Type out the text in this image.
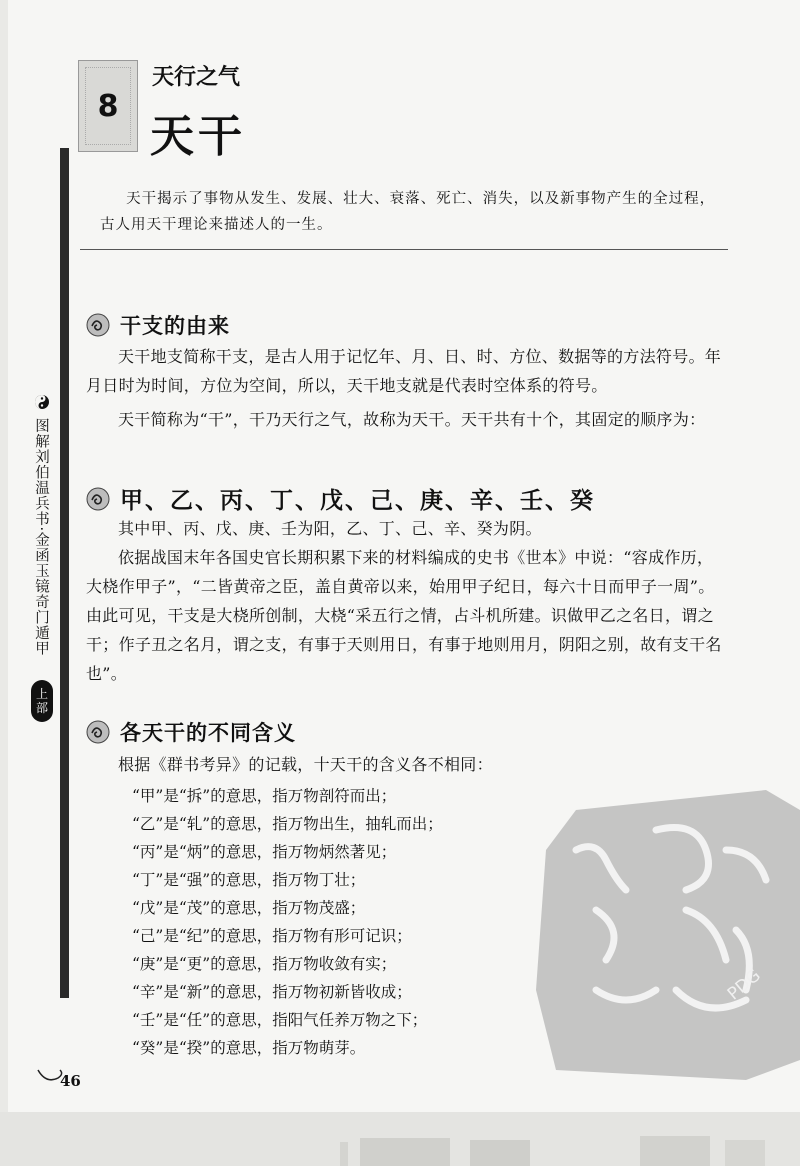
8
天行之气
天干
天干揭示了事物从发生、发展、壮大、衰落、死亡、消失，以及新事物产生的全过程，古人用天干理论来描述人的一生。
图解刘伯温兵书·金函玉镜奇门遁甲
上
部
干支的由来
天干地支简称干支，是古人用于记忆年、月、日、时、方位、数据等的方法符号。年月日时为时间，方位为空间，所以，天干地支就是代表时空体系的符号。
天干简称为“干”，干乃天行之气，故称为天干。天干共有十个，其固定的顺序为：
甲、乙、丙、丁、戊、己、庚、辛、壬、癸
其中甲、丙、戊、庚、壬为阳，乙、丁、己、辛、癸为阴。
依据战国末年各国史官长期积累下来的材料编成的史书《世本》中说：“容成作历，大桡作甲子”，“二皆黄帝之臣，盖自黄帝以来，始用甲子纪日，每六十日而甲子一周”。由此可见，干支是大桡所创制，大桡“采五行之情，占斗机所建。识做甲乙之名日，谓之干；作子丑之名月，谓之支，有事于天则用日，有事于地则用月，阴阳之别，故有支干名也”。
各天干的不同含义
根据《群书考异》的记载，十天干的含义各不相同：
“甲”是“拆”的意思，指万物剖符而出；
“乙”是“轧”的意思，指万物出生，抽轧而出；
“丙”是“炳”的意思，指万物炳然著见；
“丁”是“强”的意思，指万物丁壮；
“戊”是“茂”的意思，指万物茂盛；
“己”是“纪”的意思，指万物有形可记识；
“庚”是“更”的意思，指万物收敛有实；
“辛”是“新”的意思，指万物初新皆收成；
“壬”是“任”的意思，指阳气任养万物之下；
“癸”是“揆”的意思，指万物萌芽。
PDG
46
